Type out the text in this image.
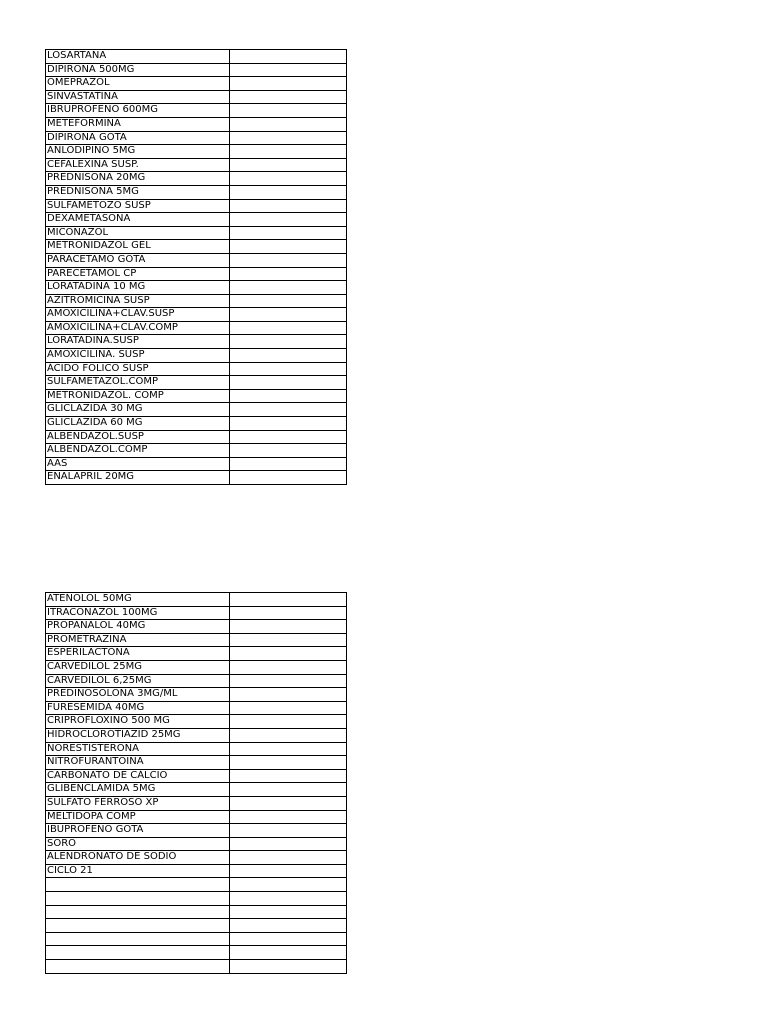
LOSARTANA	
DIPIRONA 500MG	
OMEPRAZOL	
SINVASTATINA	
IBRUPROFENO 600MG	
METEFORMINA	
DIPIRONA GOTA	
ANLODIPINO 5MG	
CEFALEXINA SUSP.	
PREDNISONA 20MG	
PREDNISONA 5MG	
SULFAMETOZO SUSP	
DEXAMETASONA	
MICONAZOL	
METRONIDAZOL GEL	
PARACETAMO GOTA	
PARECETAMOL CP	
LORATADINA 10 MG	
AZITROMICINA SUSP	
AMOXICILINA+CLAV.SUSP	
AMOXICILINA+CLAV.COMP	
LORATADINA.SUSP	
AMOXICILINA. SUSP	
ÁCIDO FOLICO SUSP	
SULFAMETAZOL.COMP	
METRONIDAZOL. COMP	
GLICLAZIDA 30 MG	
GLICLAZIDA 60 MG	
ALBENDAZOL.SUSP	
ALBENDAZOL.COMP	
AAS	
ENALAPRIL 20MG	
ATENOLOL 50MG	
ITRACONAZOL 100MG	
PROPANALOL 40MG	
PROMETRAZINA	
ESPERILACTONA	
CARVEDILOL 25MG	
CARVEDILOL 6,25MG	
PREDINOSOLONA 3MG/ML	
FURESEMIDA 40MG	
CRIPROFLOXINO 500 MG	
HIDROCLOROTIAZID 25MG	
NORESTISTERONA	
NITROFURANTOINA	
CARBONATO DE CÁLCIO	
GLIBENCLAMIDA 5MG	
SULFATO FERROSO XP	
MELTIDOPA COMP	
IBUPROFENO GOTA	
SORO	
ALENDRONATO DE SÓDIO	
CICLO 21	
